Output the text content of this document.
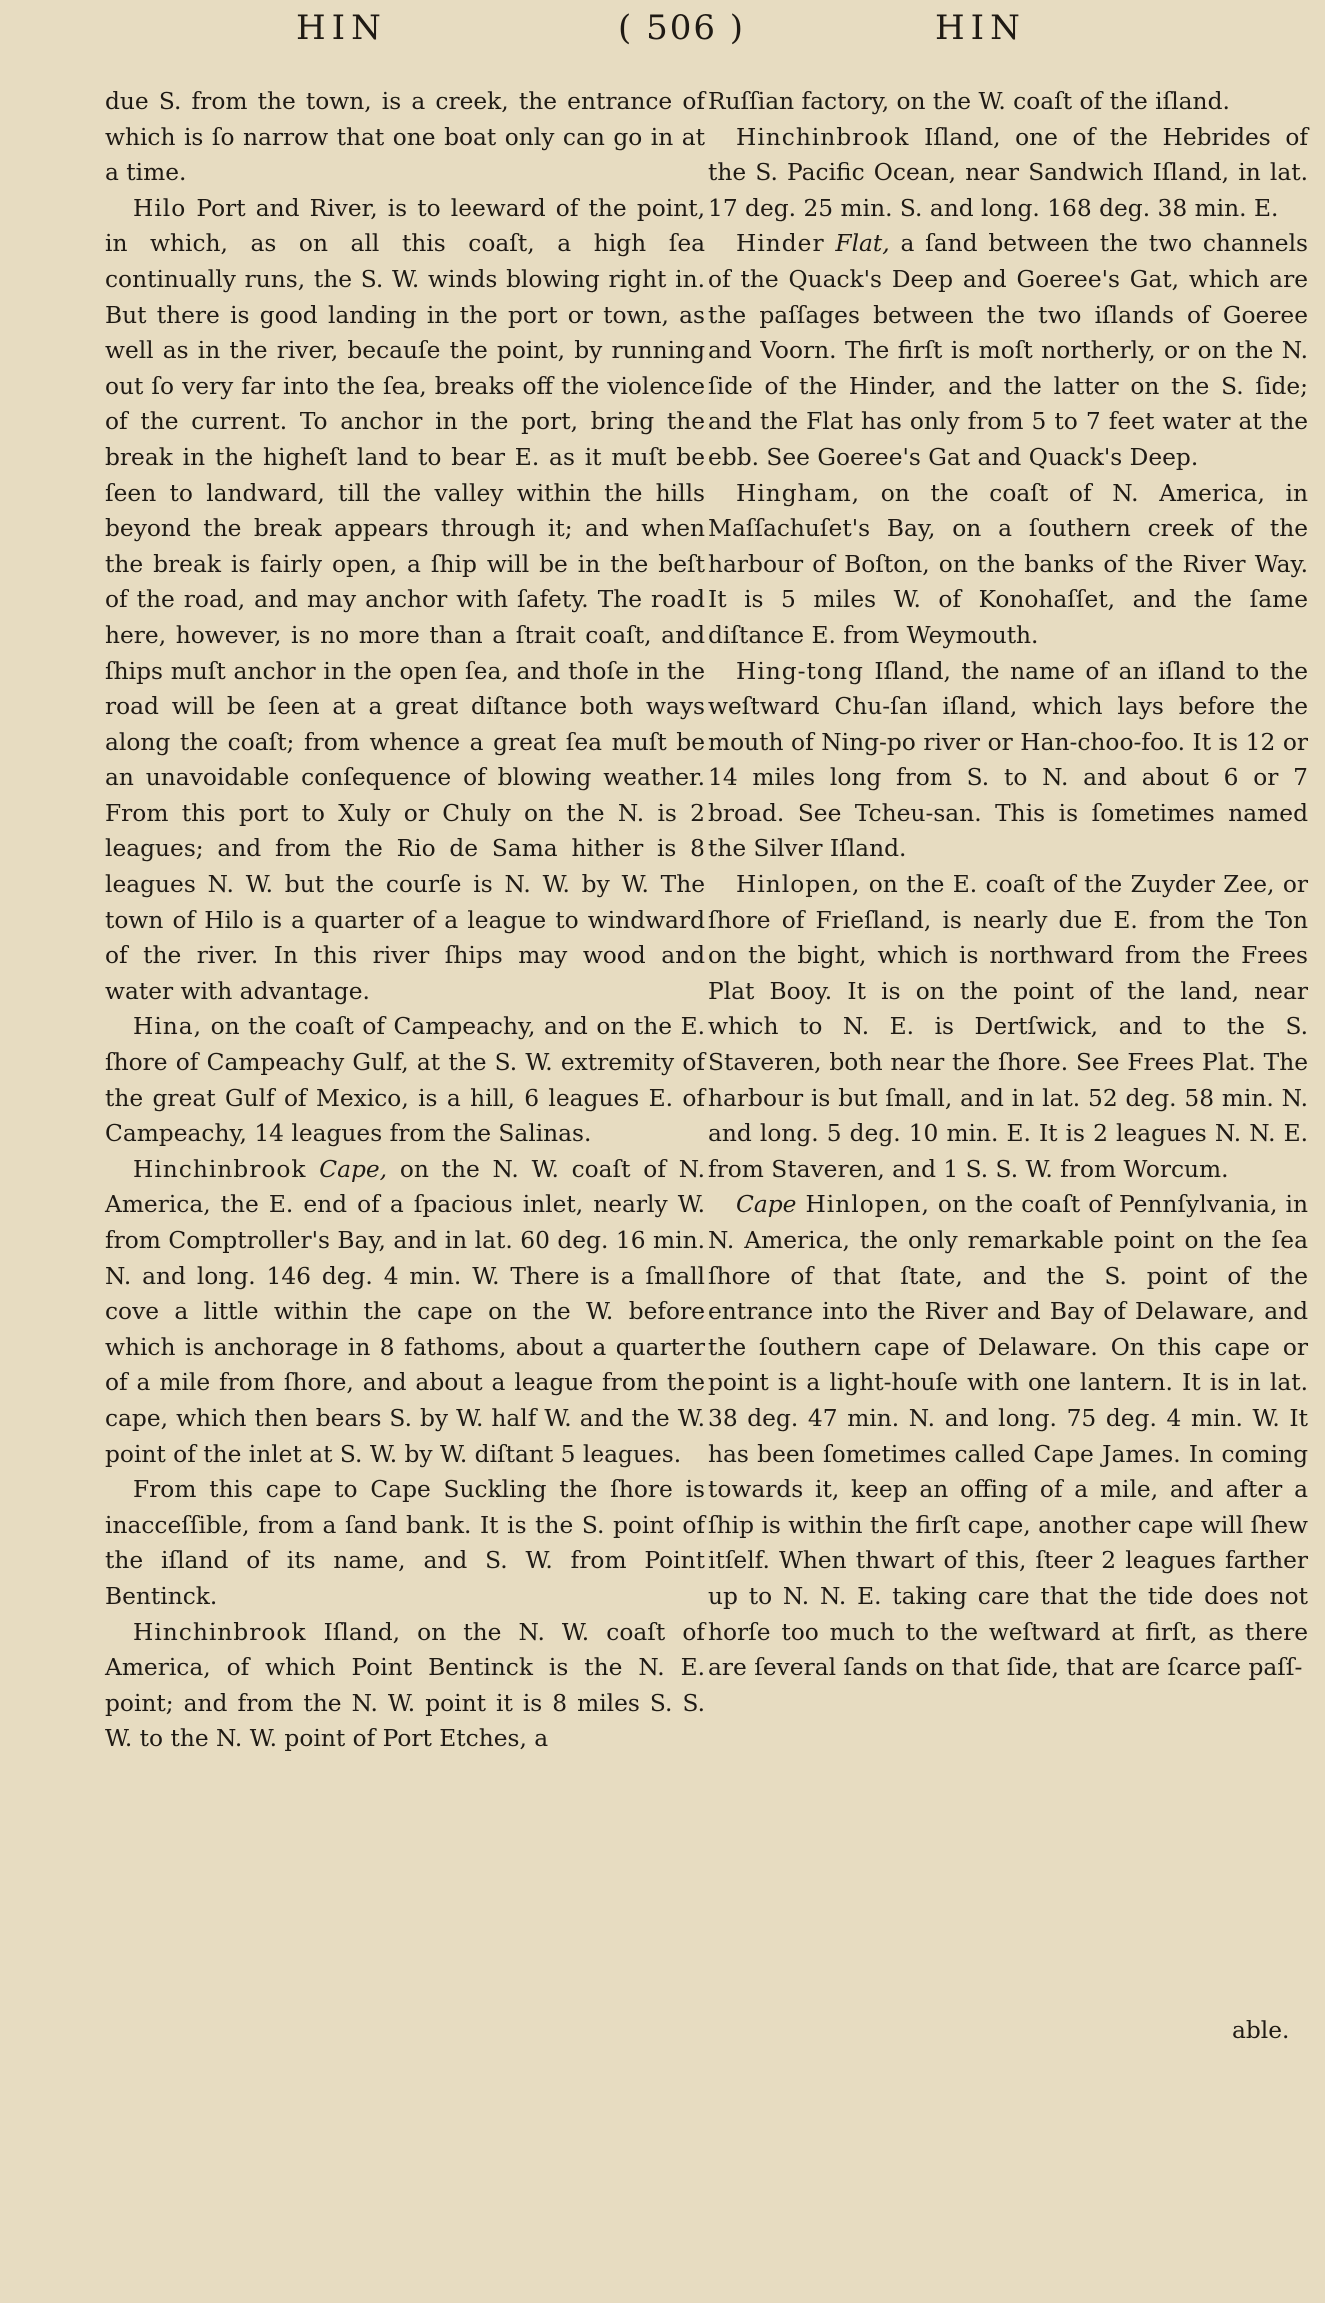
HIN	( 506 )	HIN

due S. from the town, is a creek, the entrance of which is ſo narrow that one boat only can go in at a time.

Hilo Port and River, is to leeward of the point, in which, as on all this coaſt, a high ſea continually runs, the S. W. winds blowing right in. But there is good landing in the port or town, as well as in the river, becauſe the point, by running out ſo very far into the ſea, breaks off the violence of the current. To anchor in the port, bring the break in the higheſt land to bear E. as it muſt be ſeen to landward, till the valley within the hills beyond the break appears through it; and when the break is fairly open, a ſhip will be in the beſt of the road, and may anchor with ſafety. The road here, however, is no more than a ſtrait coaſt, and ſhips muſt anchor in the open ſea, and thoſe in the road will be ſeen at a great diſtance both ways along the coaſt; from whence a great ſea muſt be an unavoidable conſequence of blowing weather. From this port to Xuly or Chuly on the N. is 2 leagues; and from the Rio de Sama hither is 8 leagues N. W. but the courſe is N. W. by W. The town of Hilo is a quarter of a league to windward of the river. In this river ſhips may wood and water with advantage.

Hina, on the coaſt of Campeachy, and on the E. ſhore of Campeachy Gulf, at the S. W. extremity of the great Gulf of Mexico, is a hill, 6 leagues E. of Campeachy, 14 leagues from the Salinas.

Hinchinbrook Cape, on the N. W. coaſt of N. America, the E. end of a ſpacious inlet, nearly W. from Comptroller's Bay, and in lat. 60 deg. 16 min. N. and long. 146 deg. 4 min. W. There is a ſmall cove a little within the cape on the W. before which is anchorage in 8 fathoms, about a quarter of a mile from ſhore, and about a league from the cape, which then bears S. by W. half W. and the W. point of the inlet at S. W. by W. diſtant 5 leagues.

From this cape to Cape Suckling the ſhore is inacceſſible, from a ſand bank. It is the S. point of the iſland of its name, and S. W. from Point Bentinck.

Hinchinbrook Iſland, on the N. W. coaſt of America, of which Point Bentinck is the N. E. point; and from the N. W. point it is 8 miles S. S. W. to the N. W. point of Port Etches, a

Ruſſian factory, on the W. coaſt of the iſland.

Hinchinbrook Iſland, one of the Hebrides of the S. Pacific Ocean, near Sandwich Iſland, in lat. 17 deg. 25 min. S. and long. 168 deg. 38 min. E.

Hinder Flat, a ſand between the two channels of the Quack's Deep and Goeree's Gat, which are the paſſages between the two iſlands of Goeree and Voorn. The firſt is moſt northerly, or on the N. ſide of the Hinder, and the latter on the S. ſide; and the Flat has only from 5 to 7 feet water at the ebb. See Goeree's Gat and Quack's Deep.

Hingham, on the coaſt of N. America, in Maſſachuſet's Bay, on a ſouthern creek of the harbour of Boſton, on the banks of the River Way. It is 5 miles W. of Konohaſſet, and the ſame diſtance E. from Weymouth.

Hing-tong Iſland, the name of an iſland to the weſtward Chu-ſan iſland, which lays before the mouth of Ning-po river or Han-choo-foo. It is 12 or 14 miles long from S. to N. and about 6 or 7 broad. See Tcheu-san. This is ſometimes named the Silver Iſland.

Hinlopen, on the E. coaſt of the Zuyder Zee, or ſhore of Frieſland, is nearly due E. from the Ton on the bight, which is northward from the Frees Plat Booy. It is on the point of the land, near which to N. E. is Dertſwick, and to the S. Staveren, both near the ſhore. See Frees Plat. The harbour is but ſmall, and in lat. 52 deg. 58 min. N. and long. 5 deg. 10 min. E. It is 2 leagues N. N. E. from Staveren, and 1 S. S. W. from Worcum.

Cape Hinlopen, on the coaſt of Pennſylvania, in N. America, the only remarkable point on the ſea ſhore of that ſtate, and the S. point of the entrance into the River and Bay of Delaware, and the ſouthern cape of Delaware. On this cape or point is a light-houſe with one lantern. It is in lat. 38 deg. 47 min. N. and long. 75 deg. 4 min. W. It has been ſometimes called Cape James. In coming towards it, keep an offing of a mile, and after a ſhip is within the firſt cape, another cape will ſhew itſelf. When thwart of this, ſteer 2 leagues farther up to N. N. E. taking care that the tide does not horſe too much to the weſtward at firſt, as there are ſeveral ſands on that ſide, that are ſcarce paſſ-

able.
